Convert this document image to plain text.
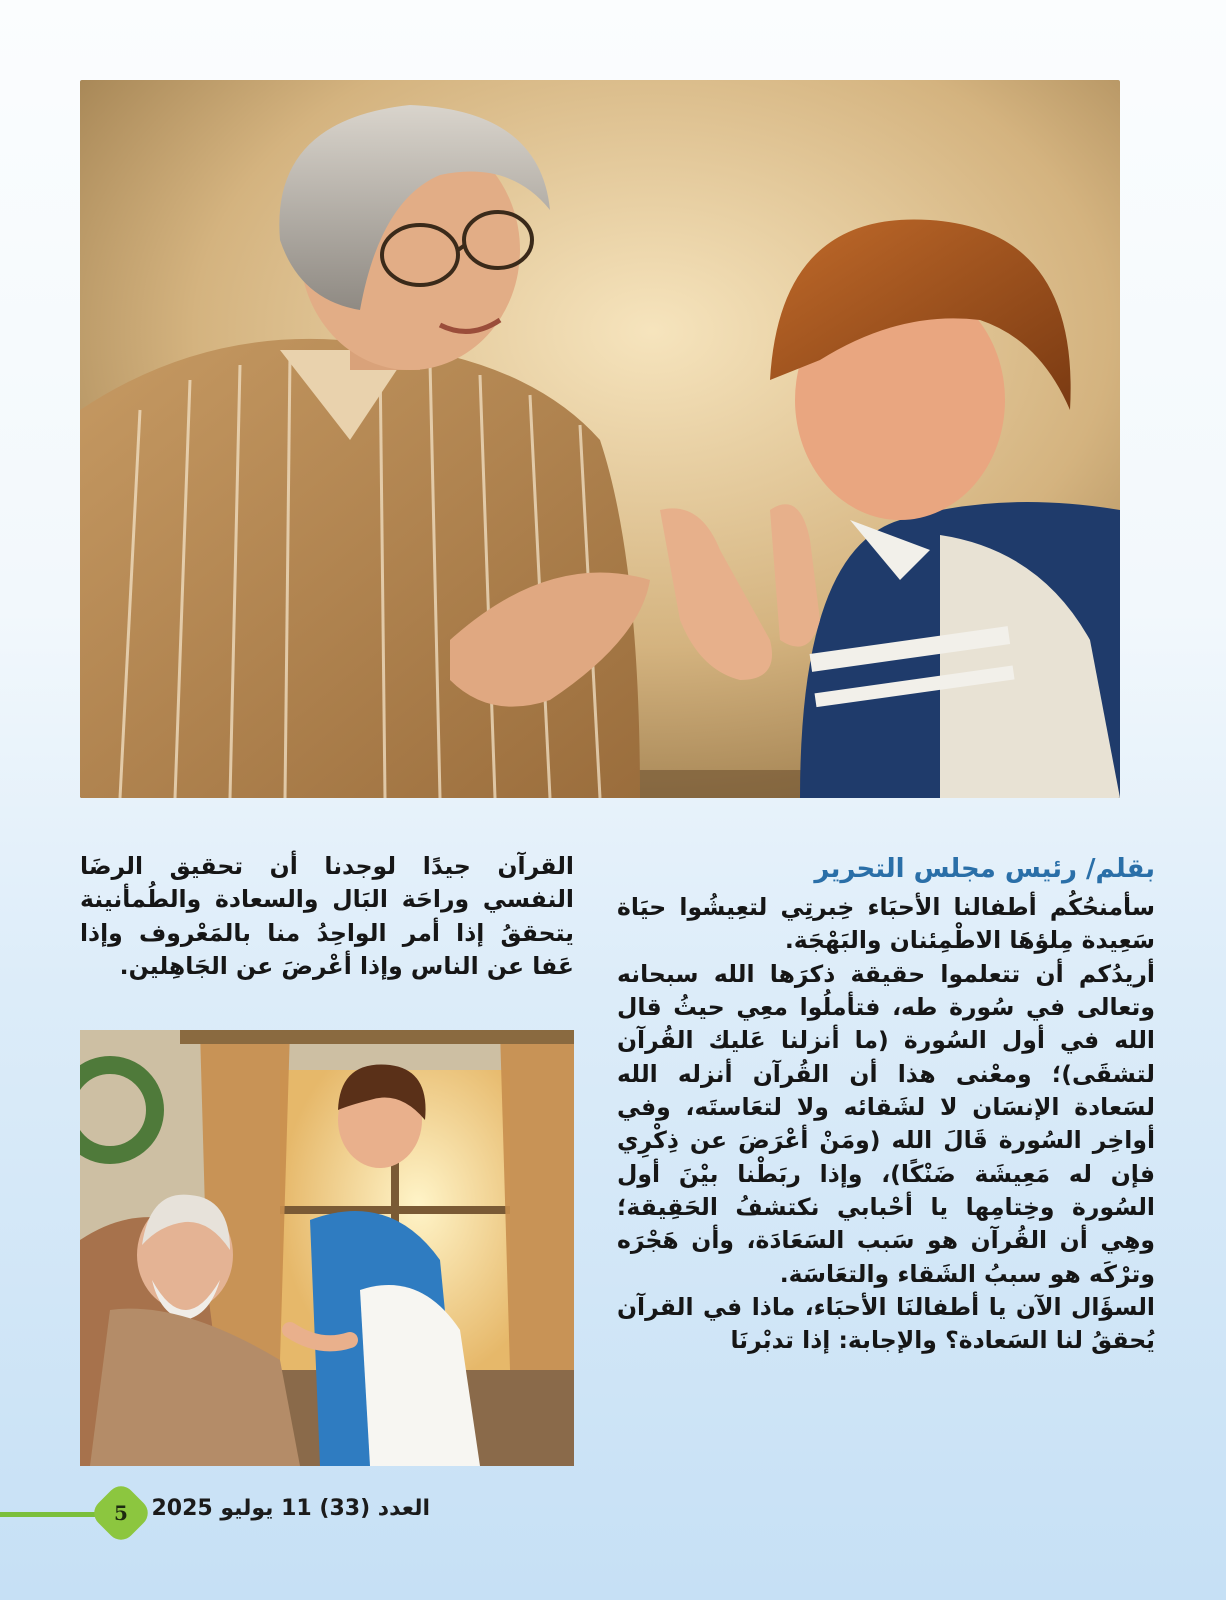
بقلم/ رئيس مجلس التحرير

سأمنحُكُم أطفالنا الأحبَاء خِبرتِي لتعِيشُوا حيَاة سَعِيدة مِلؤهَا الاطْمِئنان والبَهْجَة.

أريدُكم أن تتعلموا حقيقة ذكرَها الله سبحانه وتعالى في سُورة طه، فتأملُوا معِي حيثُ قال الله في أول السُورة (ما أنزلنا عَليك القُرآن لتشقَى)؛ ومعْنى هذا أن القُرآن أنزله الله لسَعادة الإنسَان لا لشَقائه ولا لتعَاستَه، وفي أواخِر السُورة قَالَ الله (ومَنْ أعْرَضَ عن ذِكْرِي فإن له مَعِيشَة ضَنْكًا)، وإذا ربَطْنا بيْنَ أول السُورة وخِتامِها يا أحْبابي نكتشفُ الحَقِيقة؛ وهِي أن القُرآن هو سَبب السَعَادَة، وأن هَجْرَه وترْكَه هو سببُ الشَقاء والتعَاسَة.

السؤَال الآن يا أطفالنَا الأحبَاء، ماذا في القرآن يُحققُ لنا السَعادة؟ والإجابة: إذا تدبْرنَا

القرآن جيدًا لوجدنا أن تحقيق الرضَا النفسي وراحَة البَال والسعادة والطُمأنينة يتحققُ إذا أمر الواحِدُ منا بالمَعْروف وإذا عَفا عن الناس وإذا أعْرضَ عن الجَاهِلين.

5	العدد (33) 11 يوليو 2025
